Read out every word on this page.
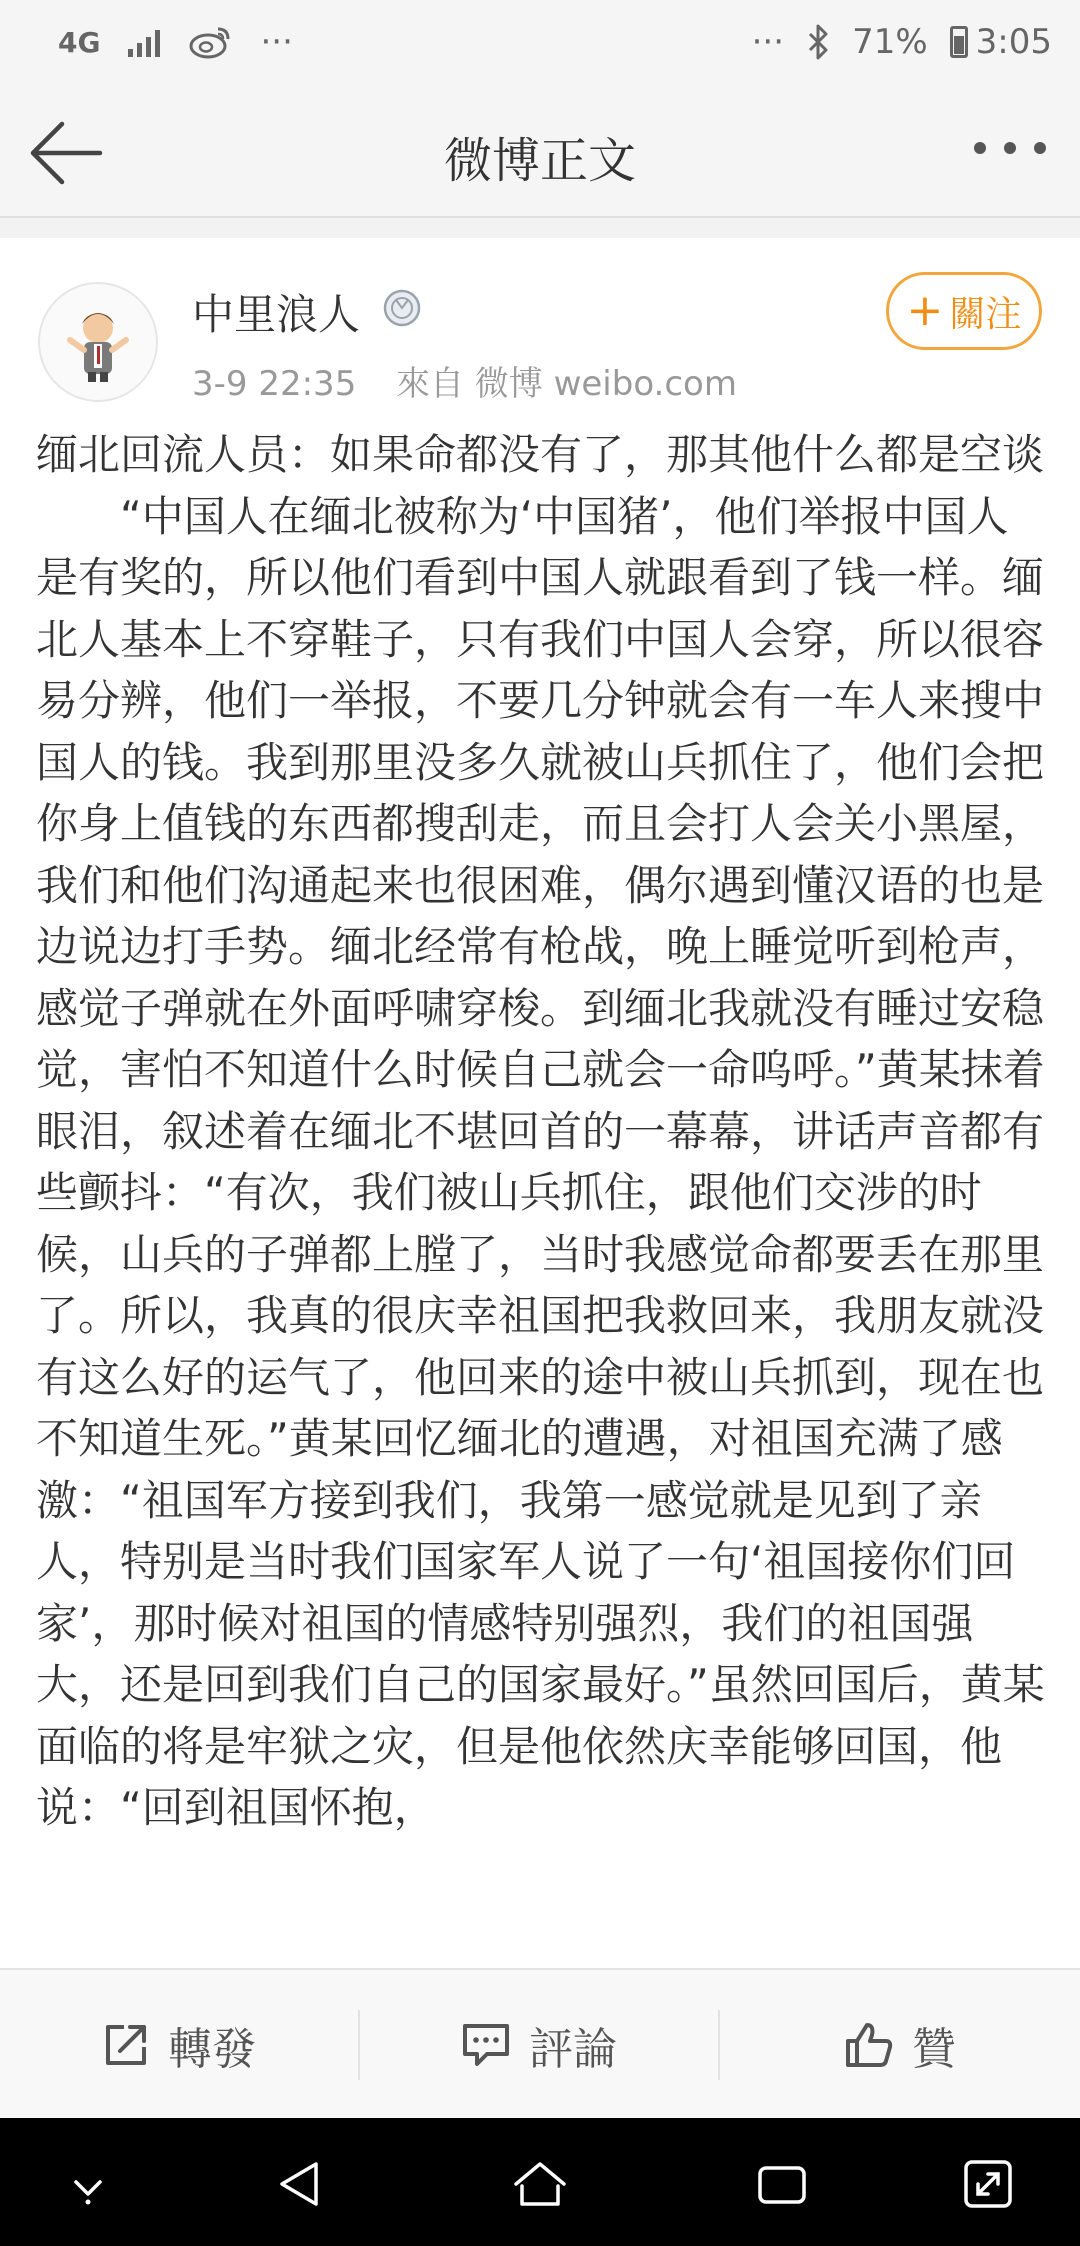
4G	···	··· 71% 3:05
微博正文
中里浪人
3-9 22:35 來自 微博 weibo.com
+ 關注
缅北回流人员：如果命都没有了，那其他什么都是空谈
　　“中国人在缅北被称为‘中国猪’，他们举报中国人是有奖的，所以他们看到中国人就跟看到了钱一样。缅北人基本上不穿鞋子，只有我们中国人会穿，所以很容易分辨，他们一举报，不要几分钟就会有一车人来搜中国人的钱。我到那里没多久就被山兵抓住了，他们会把你身上值钱的东西都搜刮走，而且会打人会关小黑屋，我们和他们沟通起来也很困难，偶尔遇到懂汉语的也是边说边打手势。缅北经常有枪战，晚上睡觉听到枪声，感觉子弹就在外面呼啸穿梭。到缅北我就没有睡过安稳觉，害怕不知道什么时候自己就会一命呜呼。”黄某抹着眼泪，叙述着在缅北不堪回首的一幕幕，讲话声音都有些颤抖：“有次，我们被山兵抓住，跟他们交涉的时候，山兵的子弹都上膛了，当时我感觉命都要丢在那里了。所以，我真的很庆幸祖国把我救回来，我朋友就没有这么好的运气了，他回来的途中被山兵抓到，现在也不知道生死。”黄某回忆缅北的遭遇，对祖国充满了感激：“祖国军方接到我们，我第一感觉就是见到了亲人，特别是当时我们国家军人说了一句‘祖国接你们回家’，那时候对祖国的情感特别强烈，我们的祖国强大，还是回到我们自己的国家最好。”虽然回国后，黄某面临的将是牢狱之灾，但是他依然庆幸能够回国，他说：“回到祖国怀抱，
轉發	評論	贊
